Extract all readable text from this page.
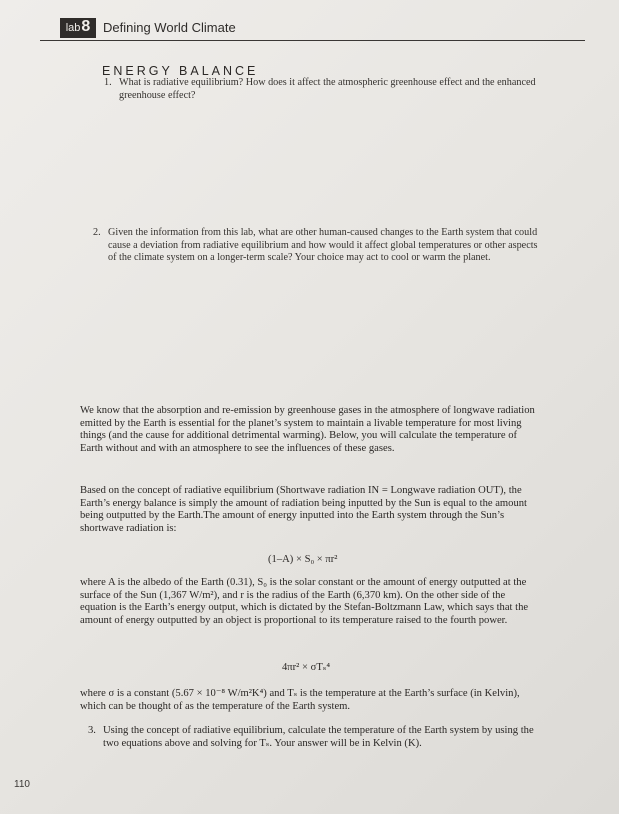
lab 8 Defining World Climate
ENERGY BALANCE
1. What is radiative equilibrium? How does it affect the atmospheric greenhouse effect and the enhanced greenhouse effect?
2. Given the information from this lab, what are other human-caused changes to the Earth system that could cause a deviation from radiative equilibrium and how would it affect global temperatures or other aspects of the climate system on a longer-term scale? Your choice may act to cool or warm the planet.
We know that the absorption and re-emission by greenhouse gases in the atmosphere of longwave radiation emitted by the Earth is essential for the planet’s system to maintain a livable temperature for most living things (and the cause for additional detrimental warming). Below, you will calculate the temperature of Earth without and with an atmosphere to see the influences of these gases.
Based on the concept of radiative equilibrium (Shortwave radiation IN = Longwave radiation OUT), the Earth’s energy balance is simply the amount of radiation being inputted by the Sun is equal to the amount being outputted by the Earth.The amount of energy inputted into the Earth system through the Sun’s shortwave radiation is:
(1–A) × S₀ × πr²
where A is the albedo of the Earth (0.31), S₀ is the solar constant or the amount of energy outputted at the surface of the Sun (1,367 W/m²), and r is the radius of the Earth (6,370 km). On the other side of the equation is the Earth’s energy output, which is dictated by the Stefan-Boltzmann Law, which says that the amount of energy outputted by an object is proportional to its temperature raised to the fourth power.
4πr² × σTₛ⁴
where σ is a constant (5.67 × 10⁻⁸ W/m²K⁴) and Tₛ is the temperature at the Earth’s surface (in Kelvin), which can be thought of as the temperature of the Earth system.
3. Using the concept of radiative equilibrium, calculate the temperature of the Earth system by using the two equations above and solving for Tₛ. Your answer will be in Kelvin (K).
110
